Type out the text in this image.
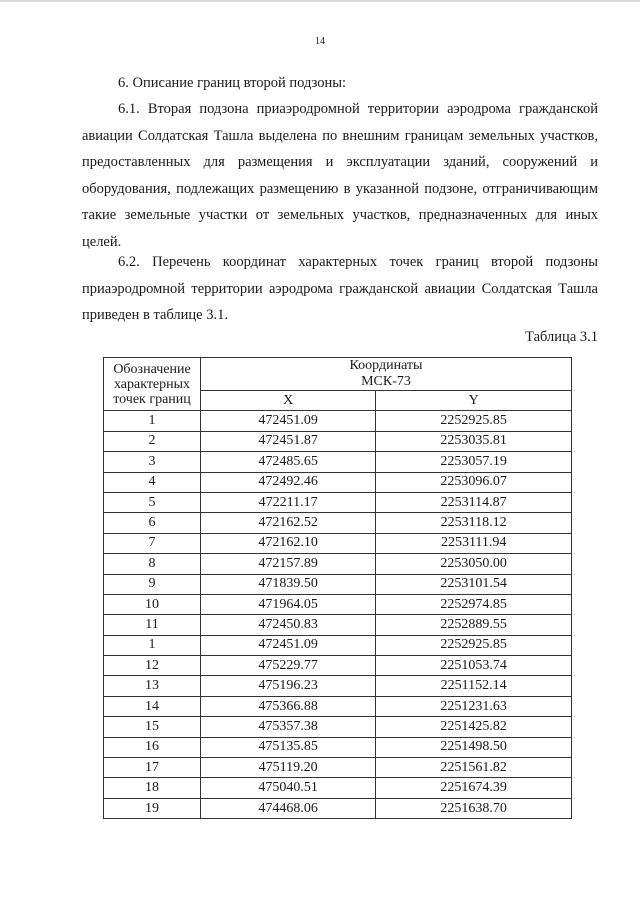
14
6. Описание границ второй подзоны:
6.1. Вторая подзона приаэродромной территории аэродрома гражданской авиации Солдатская Ташла выделена по внешним границам земельных участков, предоставленных для размещения и эксплуатации зданий, сооружений и оборудования, подлежащих размещению в указанной подзоне, отграничивающим такие земельные участки от земельных участков, предназначенных для иных целей.
6.2. Перечень координат характерных точек границ второй подзоны приаэродромной территории аэродрома гражданской авиации Солдатская Ташла приведен в таблице 3.1.
Таблица 3.1
Обозначение характерных точек границ	Координаты
МСК-73	
	X	Y
1	472451.09	2252925.85
2	472451.87	2253035.81
3	472485.65	2253057.19
4	472492.46	2253096.07
5	472211.17	2253114.87
6	472162.52	2253118.12
7	472162.10	2253111.94
8	472157.89	2253050.00
9	471839.50	2253101.54
10	471964.05	2252974.85
11	472450.83	2252889.55
1	472451.09	2252925.85
12	475229.77	2251053.74
13	475196.23	2251152.14
14	475366.88	2251231.63
15	475357.38	2251425.82
16	475135.85	2251498.50
17	475119.20	2251561.82
18	475040.51	2251674.39
19	474468.06	2251638.70
